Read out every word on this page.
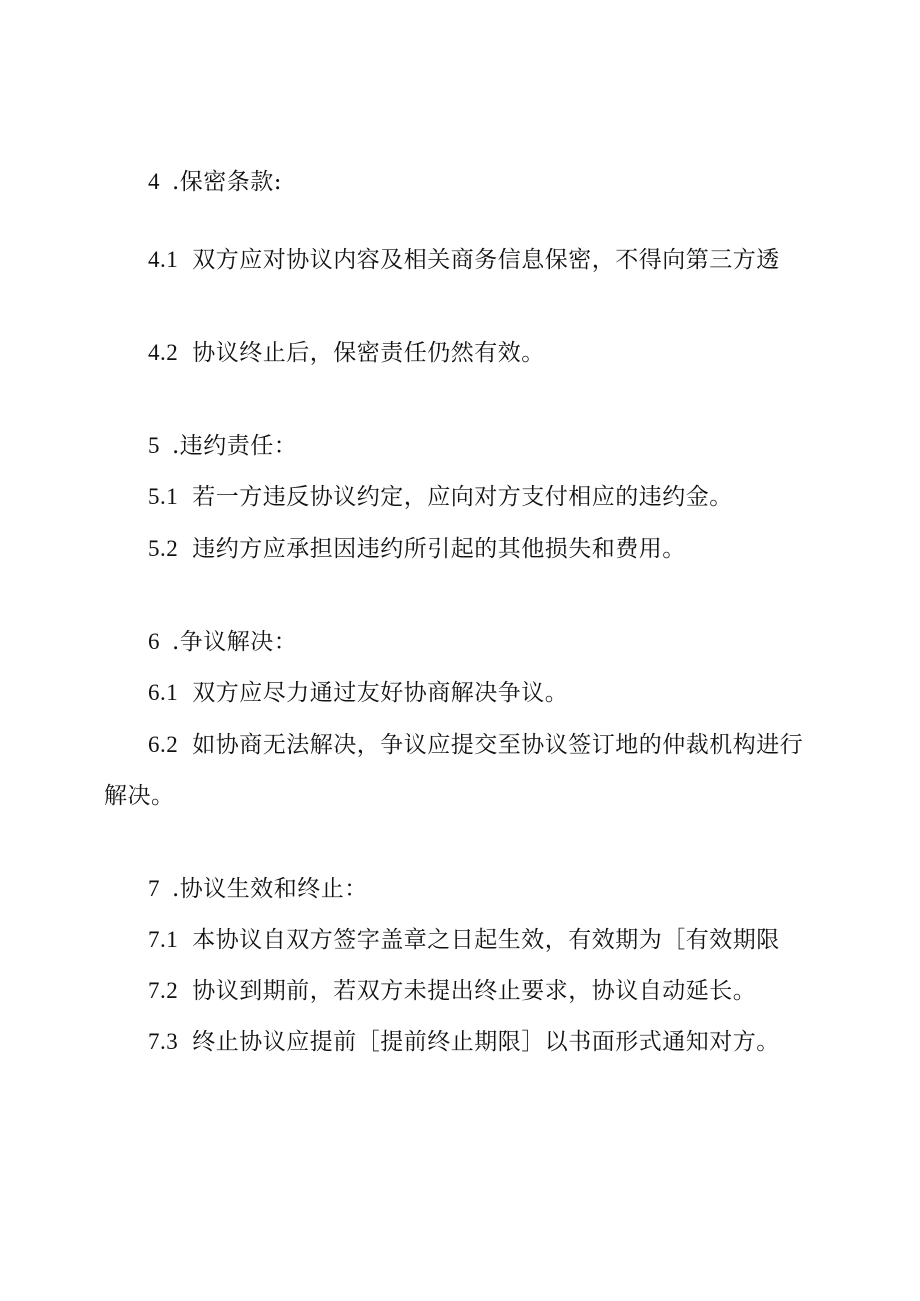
4 .保密条款:
4.1 双方应对协议内容及相关商务信息保密，不得向第三方透
4.2 协议终止后，保密责任仍然有效。
5 .违约责任：
5.1 若一方违反协议约定，应向对方支付相应的违约金。
5.2 违约方应承担因违约所引起的其他损失和费用。
6 .争议解决：
6.1 双方应尽力通过友好协商解决争议。
6.2 如协商无法解决，争议应提交至协议签订地的仲裁机构进行
解决。
7 .协议生效和终止：
7.1 本协议自双方签字盖章之日起生效，有效期为［有效期限
7.2 协议到期前，若双方未提出终止要求，协议自动延长。
7.3 终止协议应提前［提前终止期限］以书面形式通知对方。
